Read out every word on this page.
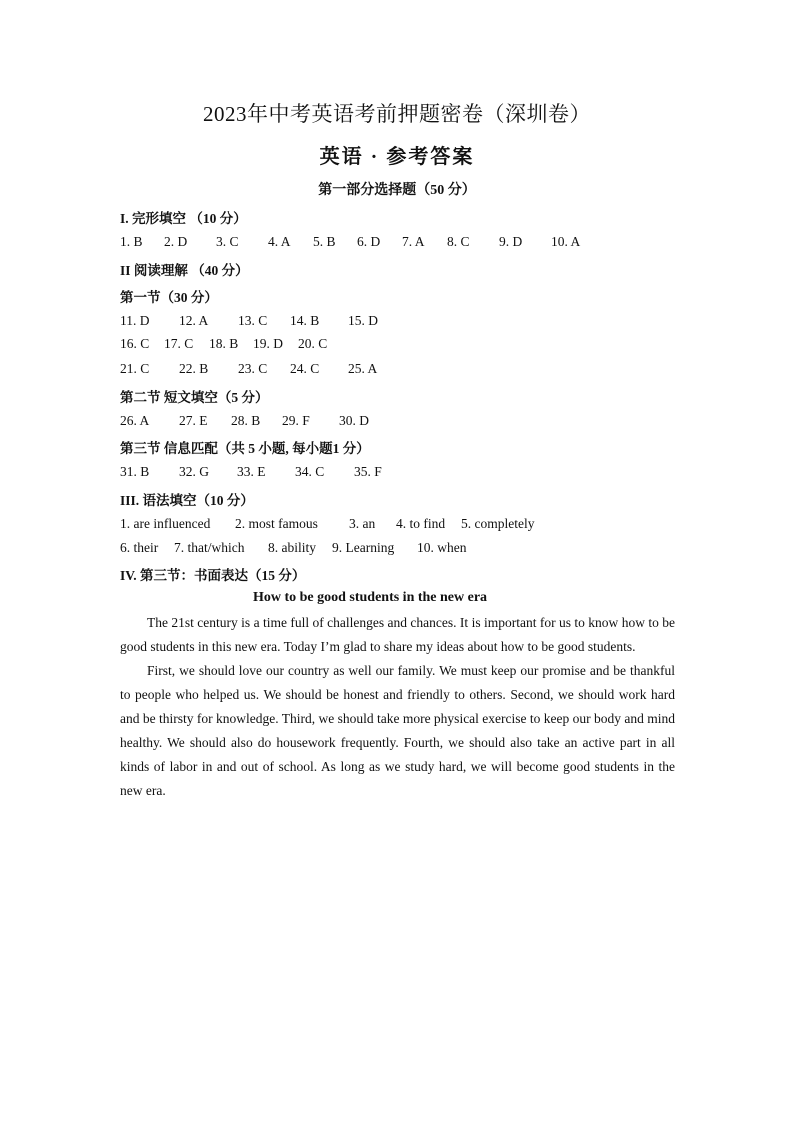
2023年中考英语考前押题密卷（深圳卷）
英语 · 参考答案
第一部分选择题（50 分）
I. 完形填空 （10 分）
1. B 2. D 3. C 4. A 5. B 6. D 7. A 8. C 9. D 10. A
II 阅读理解 （40 分）
第一节（30 分）
11. D 12. A 13. C 14. B 15. D
16. C 17. C 18. B 19. D 20. C
21. C 22. B 23. C 24. C 25. A
第二节 短文填空（5 分）
26. A 27. E 28. B 29. F 30. D
第三节 信息匹配（共 5 小题, 每小题1 分）
31. B 32. G 33. E 34. C 35. F
III. 语法填空（10 分）
1. are influenced 2. most famous 3. an 4. to find 5. completely
6. their 7. that/which 8. ability 9. Learning 10. when
IV. 第三节：书面表达（15 分）
How to be good students in the new era

The 21st century is a time full of challenges and chances. It is important for us to know how to be good students in this new era. Today I’m glad to share my ideas about how to be good students.

First, we should love our country as well our family. We must keep our promise and be thankful to people who helped us. We should be honest and friendly to others. Second, we should work hard and be thirsty for knowledge. Third, we should take more physical exercise to keep our body and mind healthy. We should also do housework frequently. Fourth, we should also take an active part in all kinds of labor in and out of school. As long as we study hard, we will become good students in the new era.
